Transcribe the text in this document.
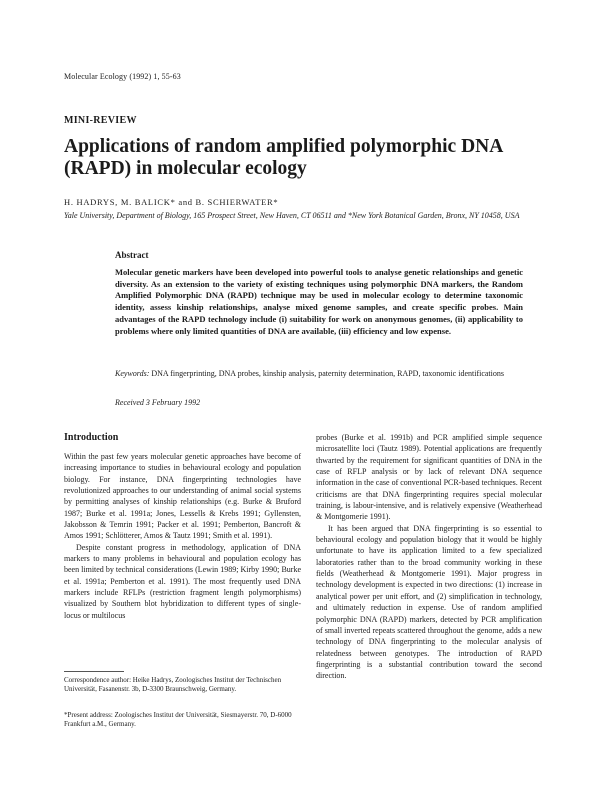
Molecular Ecology (1992) 1, 55-63
MINI-REVIEW
Applications of random amplified polymorphic DNA (RAPD) in molecular ecology
H. HADRYS, M. BALICK* and B. SCHIERWATER*
Yale University, Department of Biology, 165 Prospect Street, New Haven, CT 06511 and *New York Botanical Garden, Bronx, NY 10458, USA
Abstract
Molecular genetic markers have been developed into powerful tools to analyse genetic relationships and genetic diversity. As an extension to the variety of existing techniques using polymorphic DNA markers, the Random Amplified Polymorphic DNA (RAPD) technique may be used in molecular ecology to determine taxonomic identity, assess kinship relationships, analyse mixed genome samples, and create specific probes. Main advantages of the RAPD technology include (i) suitability for work on anonymous genomes, (ii) applicability to problems where only limited quantities of DNA are available, (iii) efficiency and low expense.
Keywords: DNA fingerprinting, DNA probes, kinship analysis, paternity determination, RAPD, taxonomic identifications
Received 3 February 1992
Introduction

Within the past few years molecular genetic approaches have become of increasing importance to studies in behavioural ecology and population biology. For instance, DNA fingerprinting technologies have revolutionized approaches to our understanding of animal social systems by permitting analyses of kinship relationships (e.g. Burke & Bruford 1987; Burke et al. 1991a; Jones, Lessells & Krebs 1991; Gyllensten, Jakobsson & Temrin 1991; Packer et al. 1991; Pemberton, Bancroft & Amos 1991; Schlötterer, Amos & Tautz 1991; Smith et al. 1991).

Despite constant progress in methodology, application of DNA markers to many problems in behavioural and population ecology has been limited by technical considerations (Lewin 1989; Kirby 1990; Burke et al. 1991a; Pemberton et al. 1991). The most frequently used DNA markers include RFLPs (restriction fragment length polymorphisms) visualized by Southern blot hybridization to different types of single-locus or multilocus

probes (Burke et al. 1991b) and PCR amplified simple sequence microsatellite loci (Tautz 1989). Potential applications are frequently thwarted by the requirement for significant quantities of DNA in the case of RFLP analysis or by lack of relevant DNA sequence information in the case of conventional PCR-based techniques. Recent criticisms are that DNA fingerprinting requires special molecular training, is labour-intensive, and is relatively expensive (Weatherhead & Montgomerie 1991).

It has been argued that DNA fingerprinting is so essential to behavioural ecology and population biology that it would be highly unfortunate to have its application limited to a few specialized laboratories rather than to the broad community working in these fields (Weatherhead & Montgomerie 1991). Major progress in technology development is expected in two directions: (1) increase in analytical power per unit effort, and (2) simplification in technology, and ultimately reduction in expense. Use of random amplified polymorphic DNA (RAPD) markers, detected by PCR amplification of small inverted repeats scattered throughout the genome, adds a new technology of DNA fingerprinting to the molecular analysis of relatedness between genotypes. The introduction of RAPD fingerprinting is a substantial contribution toward the second direction.

Correspondence author: Heike Hadrys, Zoologisches Institut der Technischen Universität, Fasanenstr. 3b, D-3300 Braunschweig, Germany.
*Present address: Zoologisches Institut der Universität, Siesmayerstr. 70, D-6000 Frankfurt a.M., Germany.
